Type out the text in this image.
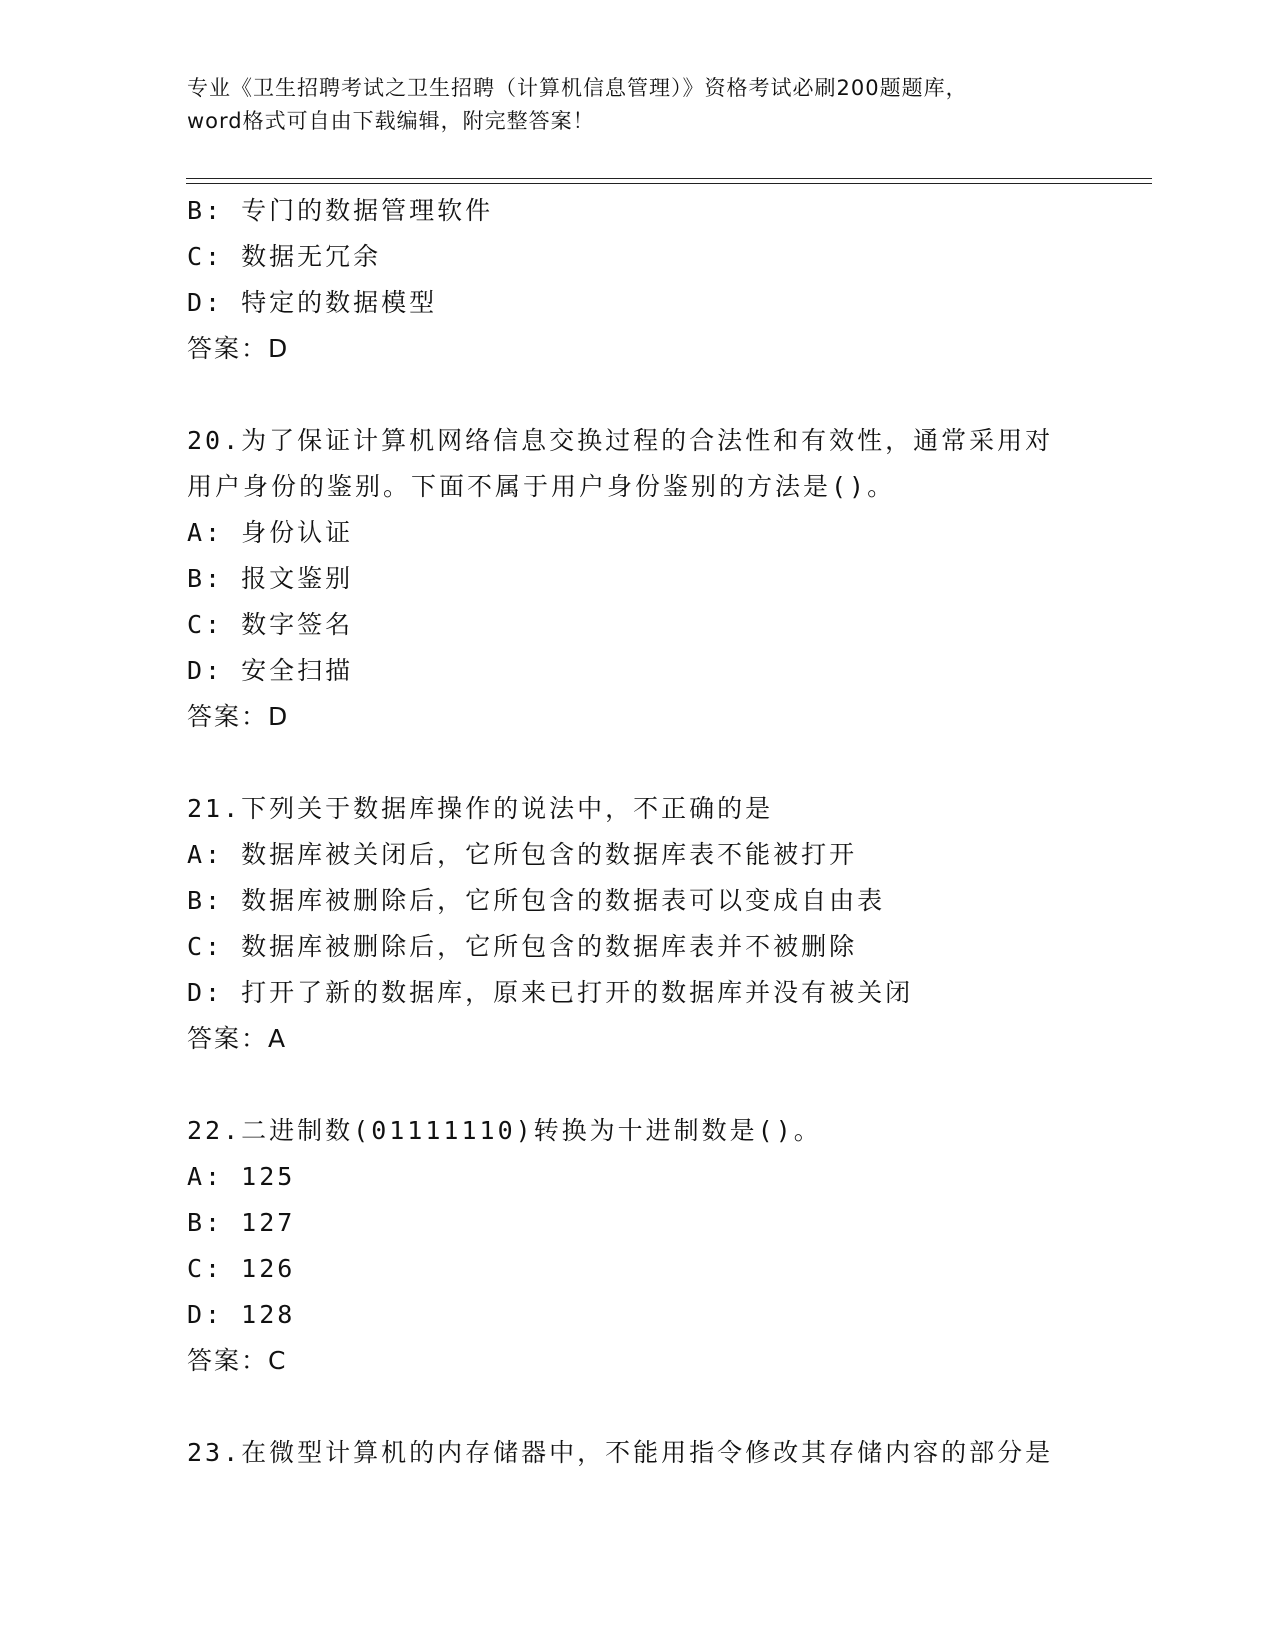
专业《卫生招聘考试之卫生招聘（计算机信息管理）》资格考试必刷200题题库，
word格式可自由下载编辑，附完整答案！
B: 专门的数据管理软件
C: 数据无冗余
D: 特定的数据模型
答案：D
20.为了保证计算机网络信息交换过程的合法性和有效性，通常采用对
用户身份的鉴别。下面不属于用户身份鉴别的方法是()。
A: 身份认证
B: 报文鉴别
C: 数字签名
D: 安全扫描
答案：D
21.下列关于数据库操作的说法中，不正确的是
A: 数据库被关闭后，它所包含的数据库表不能被打开
B: 数据库被删除后，它所包含的数据表可以变成自由表
C: 数据库被删除后，它所包含的数据库表并不被删除
D: 打开了新的数据库，原来已打开的数据库并没有被关闭
答案：A
22.二进制数(01111110)转换为十进制数是()。
A: 125
B: 127
C: 126
D: 128
答案：C
23.在微型计算机的内存储器中，不能用指令修改其存储内容的部分是
